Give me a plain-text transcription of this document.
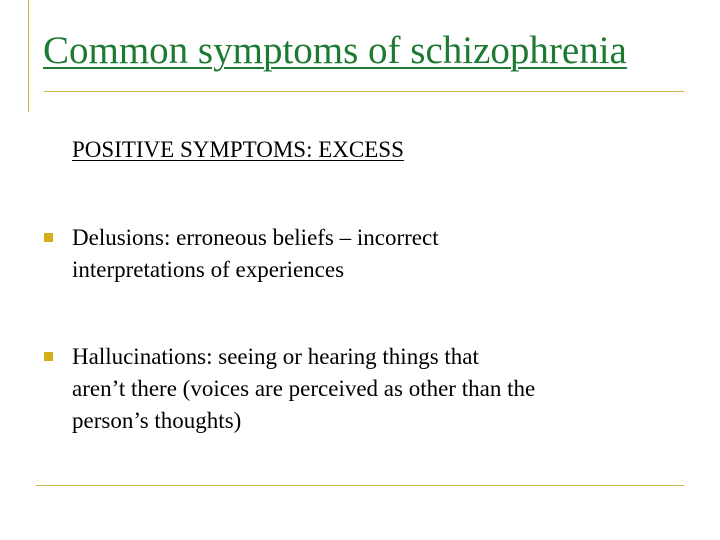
Common symptoms of schizophrenia
POSITIVE SYMPTOMS: EXCESS
Delusions: erroneous beliefs – incorrect
interpretations of experiences
Hallucinations: seeing or hearing things that
aren’t there (voices are perceived as other than the
person’s thoughts)
